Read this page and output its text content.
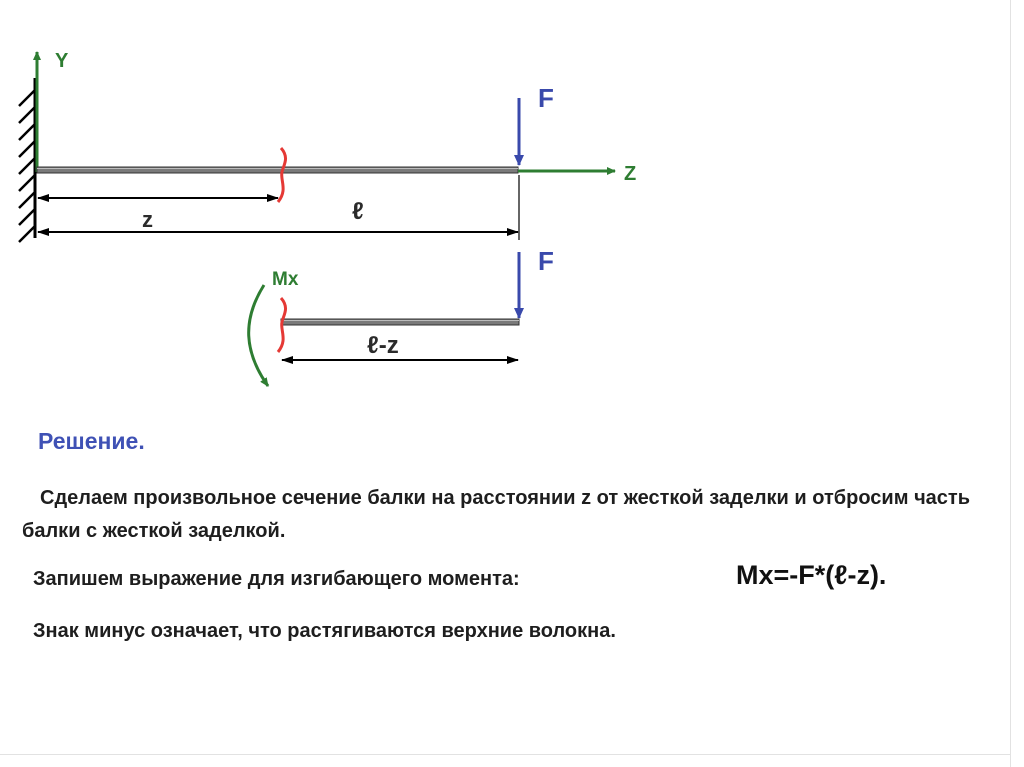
Y
Z
F
z	ℓ
F
Mx
ℓ-z
Решение.
Сделаем произвольное сечение балки на расстоянии z от жесткой заделки и отбросим часть балки с жесткой заделкой.
Запишем выражение для изгибающего момента:	Mx=-F*(ℓ-z).
Знак минус означает, что растягиваются верхние волокна.
